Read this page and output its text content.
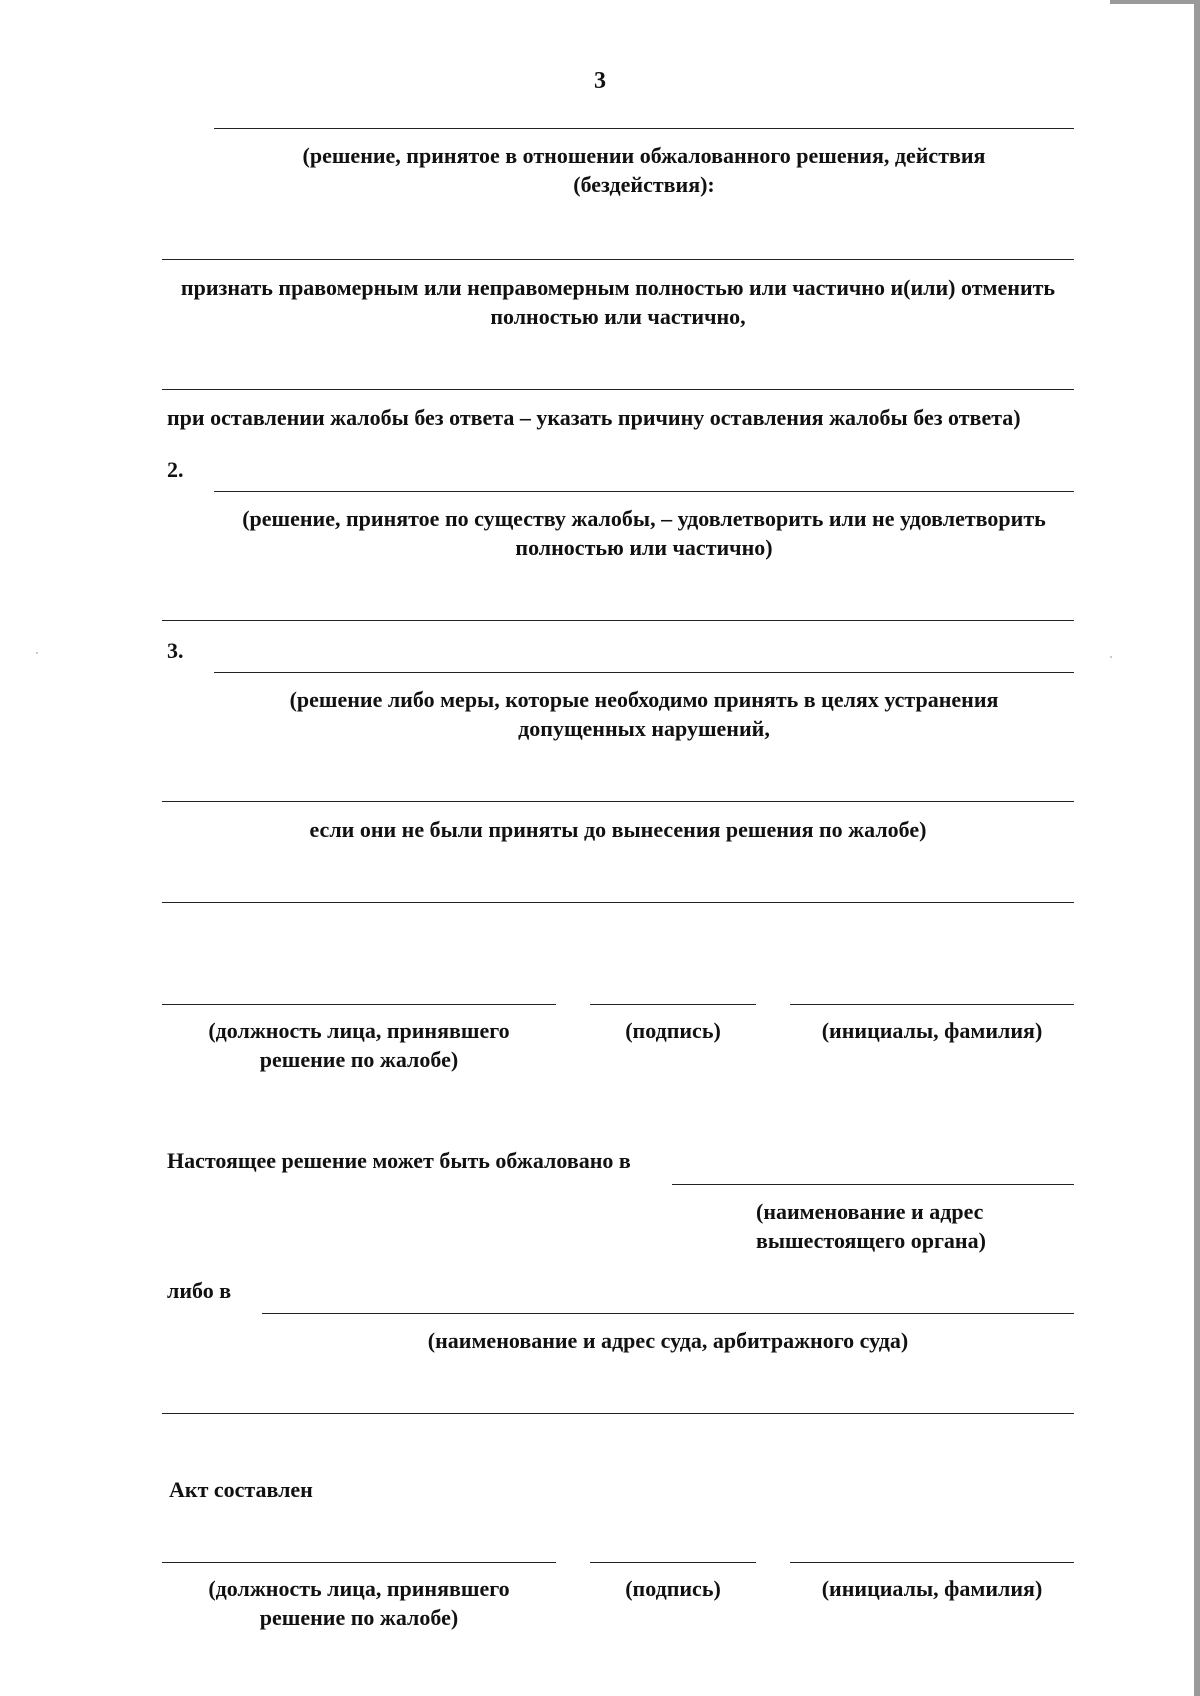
3
(решение, принятое в отношении обжалованного решения, действия
(бездействия):
признать правомерным или неправомерным полностью или частично и(или) отменить
полностью или частично,
при оставлении жалобы без ответа – указать причину оставления жалобы без ответа)
2.
(решение, принятое по существу жалобы, – удовлетворить или не удовлетворить
полностью или частично)
3.
(решение либо меры, которые необходимо принять в целях устранения
допущенных нарушений,
если они не были приняты до вынесения решения по жалобе)
(должность лица, принявшего
решение по жалобе)
(подпись)	(инициалы, фамилия)
Настоящее решение может быть обжаловано в
(наименование и адрес
вышестоящего органа)
либо в
(наименование и адрес суда, арбитражного суда)
Акт составлен
(должность лица, принявшего
решение по жалобе)
(подпись)	(инициалы, фамилия)
